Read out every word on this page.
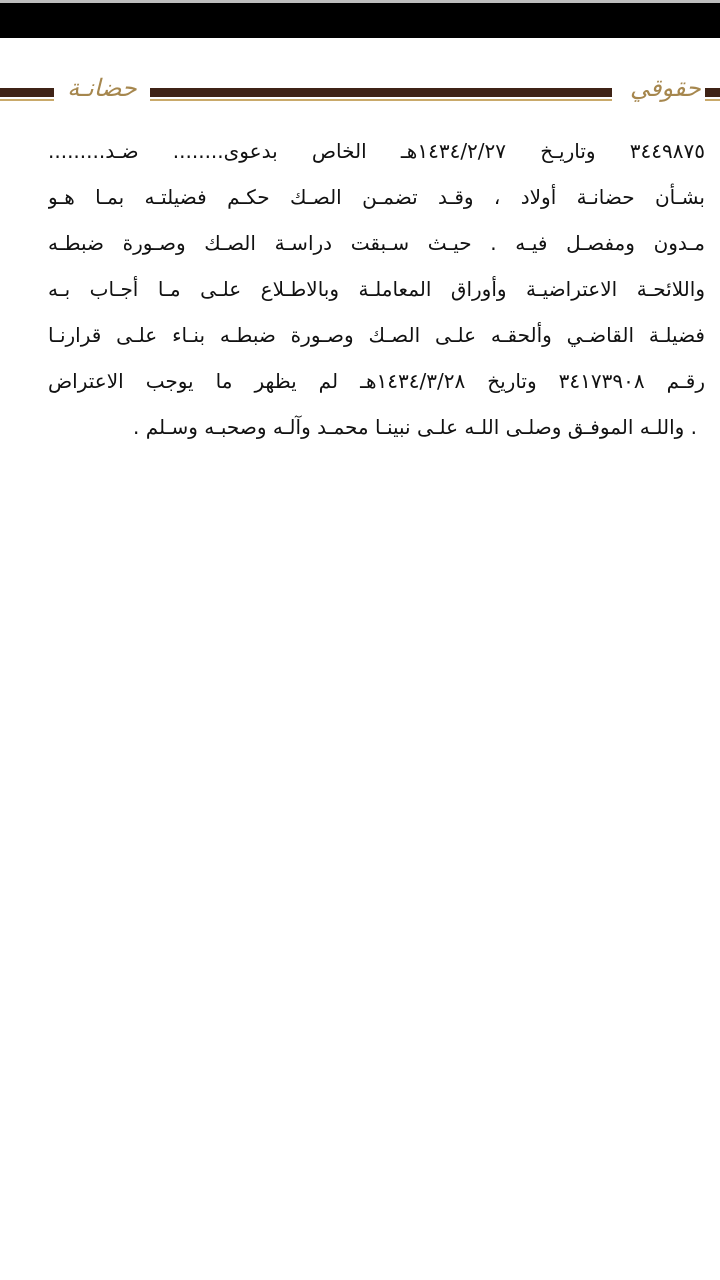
حقوقي
حضانـة
٣٤٤٩٨٧٥ وتاريـخ ١٤٣٤/٢/٢٧هـ الخاص بدعوى........ ضـد.........
بشـأن حضانـة أولاد ، وقـد تضمـن الصـك حكـم فضيلتـه بمـا هـو
مـدون ومفصـل فيـه . حيـث سـبقت دراسـة الصـك وصـورة ضبطـه
واللائحـة الاعتراضيـة وأوراق المعاملـة وبالاطـلاع علـى مـا أجـاب بـه
فضيلـة القاضـي وألحقـه علـى الصـك وصـورة ضبطـه بنـاء علـى قرارنـا
رقـم ٣٤١٧٣٩٠٨ وتاريخ ١٤٣٤/٣/٢٨هـ لم يظهر ما يوجب الاعتراض
. واللـه الموفـق وصلـى اللـه علـى نبينـا محمـد وآلـه وصحبـه وسـلم .
